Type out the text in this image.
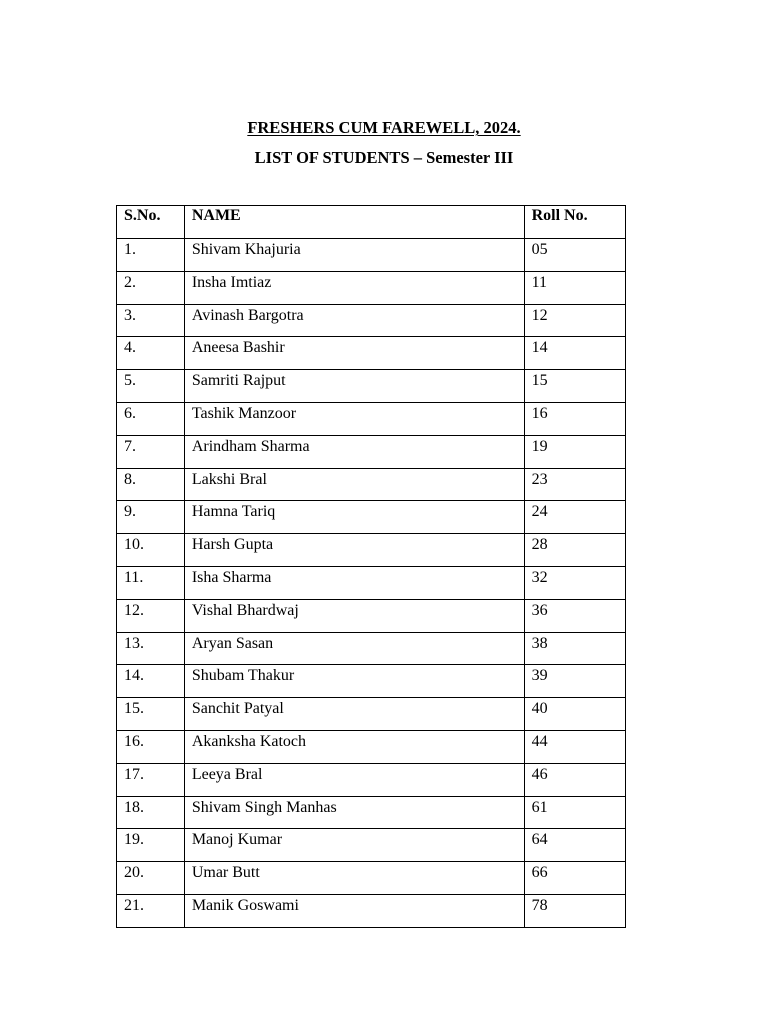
FRESHERS CUM FAREWELL, 2024.
LIST OF STUDENTS – Semester III
S.No.	NAME	Roll No.
1.	Shivam Khajuria	05
2.	Insha Imtiaz	11
3.	Avinash Bargotra	12
4.	Aneesa Bashir	14
5.	Samriti Rajput	15
6.	Tashik Manzoor	16
7.	Arindham Sharma	19
8.	Lakshi Bral	23
9.	Hamna Tariq	24
10.	Harsh Gupta	28
11.	Isha Sharma	32
12.	Vishal Bhardwaj	36
13.	Aryan Sasan	38
14.	Shubam Thakur	39
15.	Sanchit Patyal	40
16.	Akanksha Katoch	44
17.	Leeya Bral	46
18.	Shivam Singh Manhas	61
19.	Manoj Kumar	64
20.	Umar Butt	66
21.	Manik Goswami	78
